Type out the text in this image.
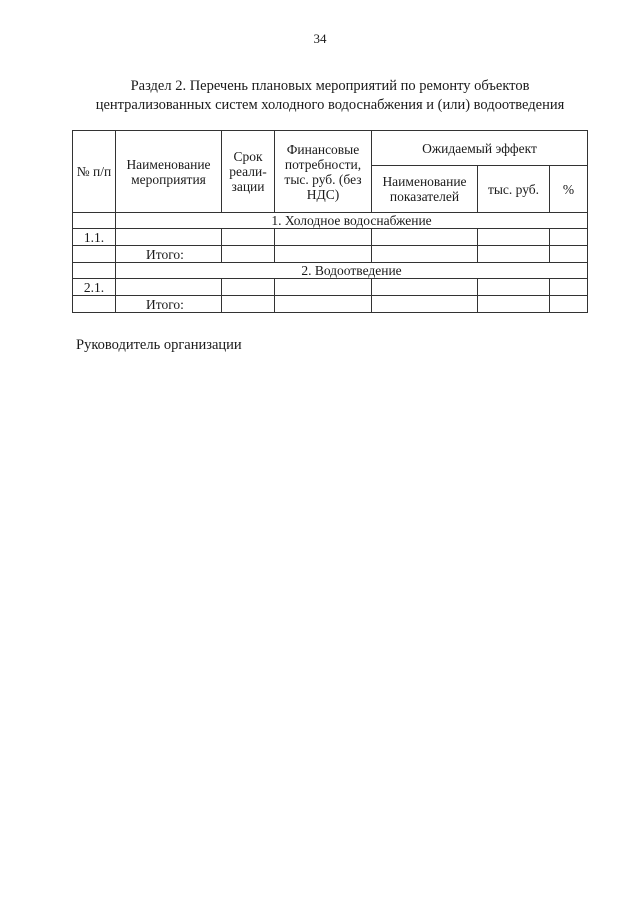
34
Раздел 2. Перечень плановых мероприятий по ремонту объектов
централизованных систем холодного водоснабжения и (или) водоотведения
№ п/п	Наименование мероприятия	Срок реали-зации	Финансовые потребности, тыс. руб. (без НДС)	Ожидаемый эффект		
				Наименование показателей	тыс. руб.	%
	1. Холодное водоснабжение					
1.1.						
	Итого:					
	2. Водоотведение					
2.1.						
	Итого:					
Руководитель организации
